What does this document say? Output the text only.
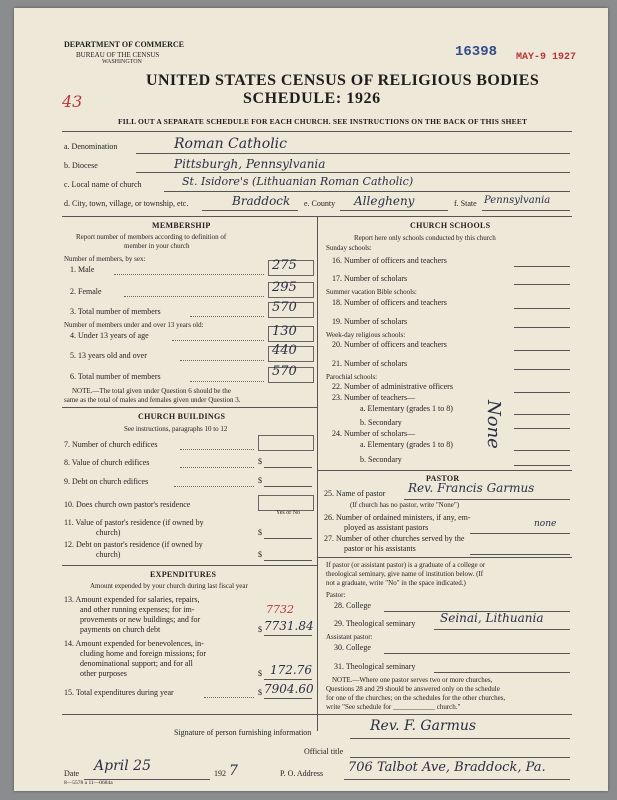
DEPARTMENT OF COMMERCE
BUREAU OF THE CENSUS
WASHINGTON
16398 MAY-9 1927
UNITED STATES CENSUS OF RELIGIOUS BODIES
SCHEDULE: 1926
43
FILL OUT A SEPARATE SCHEDULE FOR EACH CHURCH. SEE INSTRUCTIONS ON THE BACK OF THIS SHEET
a. Denomination	Roman Catholic
b. Diocese	Pittsburgh, Pennsylvania
c. Local name of church	St. Isidore's (Lithuanian Roman Catholic)
d. City, town, village, or township, etc.	Braddock e. County Allegheny	f. State Pennsylvania
MEMBERSHIP
Report number of members according to definition of
member in your church
Number of members, by sex:
1. Male	275
2. Female	295
3. Total number of members	570
Number of members under and over 13 years old:
4. Under 13 years of age	130
5. 13 years old and over	440
6. Total number of members	570
NOTE.—The total given under Question 6 should be the
same as the total of males and females given under Question 3.
CHURCH BUILDINGS
See instructions, paragraphs 10 to 12
7. Number of church edifices
8. Value of church edifices	$
9. Debt on church edifices	$
10. Does church own pastor's residence
Yes or No
11. Value of pastor's residence (if owned by
church)	$
12. Debt on pastor's residence (if owned by
church)	$
EXPENDITURES
Amount expended by your church during last fiscal year
13. Amount expended for salaries, repairs,
and other running expenses; for im-
provements or new buildings; and for
payments on church debt
7732
$ 7731.84
14. Amount expended for benevolences, in-
cluding home and foreign missions; for
denominational support; and for all
other purposes	$ 172.76
15. Total expenditures during year	$ 7904.60
CHURCH SCHOOLS
Report here only schools conducted by this church
Sunday schools:
16. Number of officers and teachers
17. Number of scholars
Summer vacation Bible schools:
18. Number of officers and teachers
19. Number of scholars
Week-day religious schools:
20. Number of officers and teachers
21. Number of scholars
Parochial schools:
22. Number of administrative officers
23. Number of teachers—
a. Elementary (grades 1 to 8)
b. Secondary
24. Number of scholars—
a. Elementary (grades 1 to 8)
b. Secondary
None
PASTOR
25. Name of pastor Rev. Francis Garmus
(If church has no pastor, write "None")
26. Number of ordained ministers, if any, em-
ployed as assistant pastors	none
27. Number of other churches served by the
pastor or his assistants
If pastor (or assistant pastor) is a graduate of a college or
theological seminary, give name of institution below. (If
not a graduate, write "No" in the space indicated.)
Pastor:
28. College
29. Theological seminary Seinai, Lithuania
Assistant pastor:
30. College
31. Theological seminary
NOTE.—Where one pastor serves two or more churches,
Questions 28 and 29 should be answered only on the schedule
for one of the churches; on the schedules for the other churches,
write "See schedule for ____________ church."
Signature of person furnishing information	Rev. F. Garmus
Official title
Date April 25	192 7	P. O. Address 706 Talbot Ave, Braddock, Pa.
8—5578 a 11—0684a
